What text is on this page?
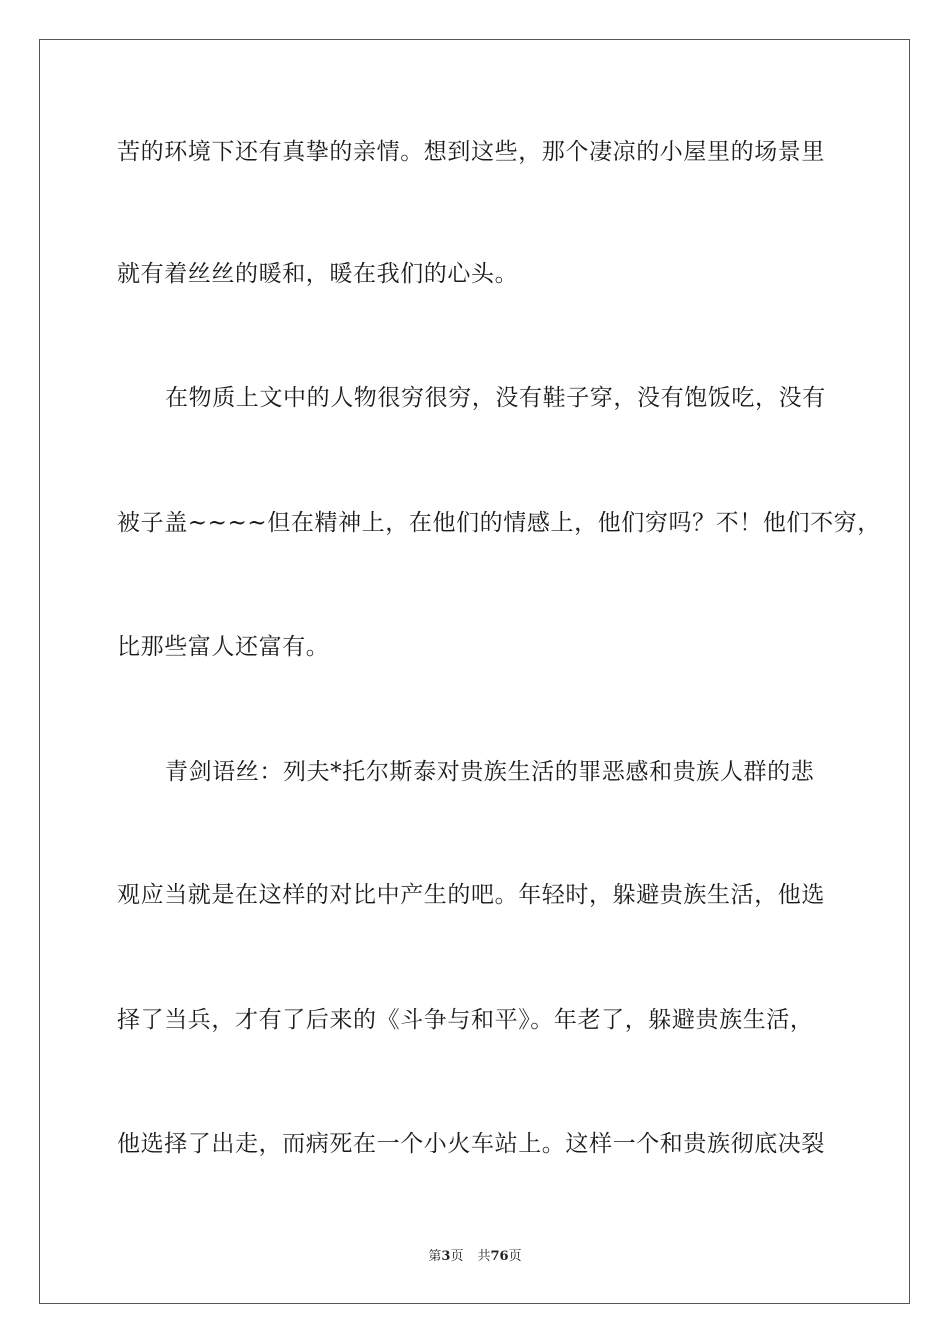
苦的环境下还有真挚的亲情。想到这些，那个凄凉的小屋里的场景里
就有着丝丝的暖和，暖在我们的心头。
在物质上文中的人物很穷很穷，没有鞋子穿，没有饱饭吃，没有
被子盖~~~~但在精神上，在他们的情感上，他们穷吗？不！他们不穷，
比那些富人还富有。
青剑语丝：列夫*托尔斯泰对贵族生活的罪恶感和贵族人群的悲
观应当就是在这样的对比中产生的吧。年轻时，躲避贵族生活，他选
择了当兵，才有了后来的《斗争与和平》。年老了，躲避贵族生活，
他选择了出走，而病死在一个小火车站上。这样一个和贵族彻底决裂
第3页 共76页
